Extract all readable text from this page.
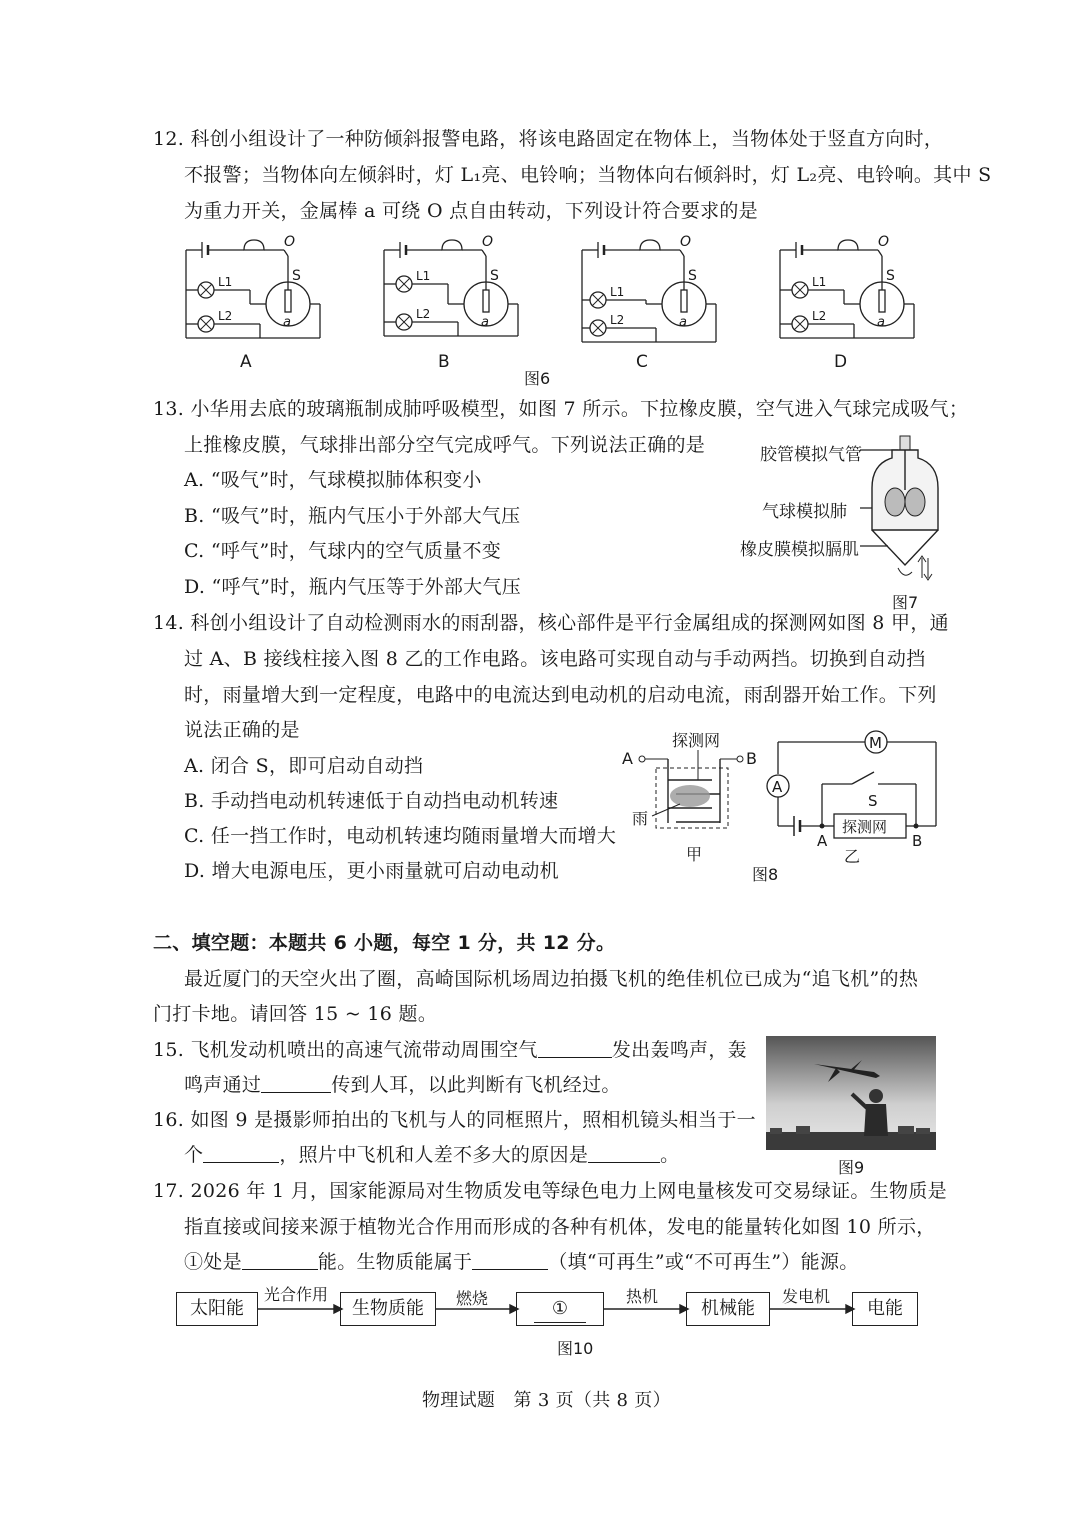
12. 科创小组设计了一种防倾斜报警电路，将该电路固定在物体上，当物体处于竖直方向时，
不报警；当物体向左倾斜时，灯 L₁亮、电铃响；当物体向右倾斜时，灯 L₂亮、电铃响。其中 S
为重力开关，金属棒 a 可绕 O 点自由转动，下列设计符合要求的是
O
S
L1
L2	a
A
O
S
L1
L2
a
B
O
S
L1
L2	a
C
O
S
L1
L2	a
D
图6
13. 小华用去底的玻璃瓶制成肺呼吸模型，如图 7 所示。下拉橡皮膜，空气进入气球完成吸气；
上推橡皮膜，气球排出部分空气完成呼气。下列说法正确的是
A. “吸气”时，气球模拟肺体积变小
B. “吸气”时，瓶内气压小于外部大气压
C. “呼气”时，气球内的空气质量不变
D. “呼气”时，瓶内气压等于外部大气压
胶管模拟气管
气球模拟肺
橡皮膜模拟膈肌
图7
14. 科创小组设计了自动检测雨水的雨刮器，核心部件是平行金属组成的探测网如图 8 甲，通
过 A、B 接线柱接入图 8 乙的工作电路。该电路可实现自动与手动两挡。切换到自动挡
时，雨量增大到一定程度，电路中的电流达到电动机的启动电流，雨刮器开始工作。下列
说法正确的是
A. 闭合 S，即可启动自动挡
B. 手动挡电动机转速低于自动挡电动机转速
C. 任一挡工作时，电动机转速均随雨量增大而增大
D. 增大电源电压，更小雨量就可启动电动机
探测网
A	B
雨
甲
M
A
S
探测网
A	B
乙
图8
二、填空题：本题共 6 小题，每空 1 分，共 12 分。
最近厦门的天空火出了圈，高崎国际机场周边拍摄飞机的绝佳机位已成为“追飞机”的热
门打卡地。请回答 15 ~ 16 题。
15. 飞机发动机喷出的高速气流带动周围空气	发出轰鸣声，轰
鸣声通过	传到人耳，以此判断有飞机经过。
图9
16. 如图 9 是摄影师拍出的飞机与人的同框照片，照相机镜头相当于一
个	，照片中飞机和人差不多大的原因是	。
17. 2026 年 1 月，国家能源局对生物质发电等绿色电力上网电量核发可交易绿证。生物质是
指直接或间接来源于植物光合作用而形成的各种有机体，发电的能量转化如图 10 所示，
①处是	能。生物质能属于	（填“可再生”或“不可再生”）能源。
太阳能	生物质能	①	机械能	电能
光合作用	燃烧	热机	发电机
图10
物理试题　第 3 页（共 8 页）
